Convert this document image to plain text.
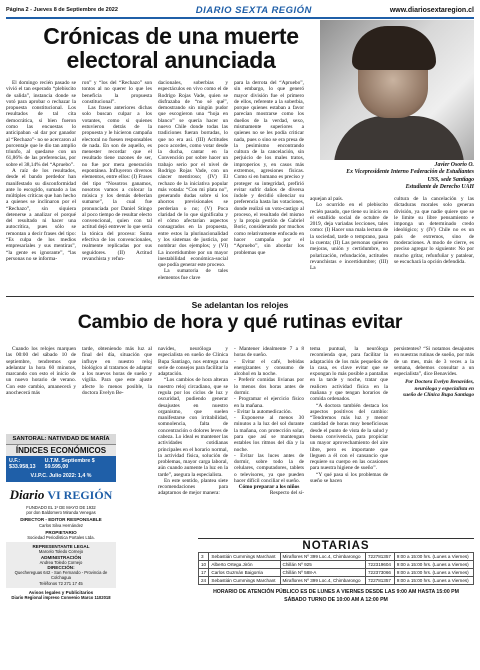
Página 2 - Jueves 8 de Septiembre de 2022	DIARIO SEXTA REGIÓN	www.diariosextaregion.cl
Crónicas de una muerte electoral anunciada
Javier Osorio O.
Ex Vicepresidente Interno Federación de Estudiantes
USS, sede Santiago
Estudiante de Derecho UAH

El domingo recién pasado se vivió el tan esperado “plebiscito de salida”, instancia donde se votó para aprobar o rechazar la propuesta constitucional. Los resultados de tal cita democrática, si bien fueron como las encuestas lo anticipaban -al dar por ganador al “Rechazo”- no se acercaron al porcentaje que le dio tan amplio triunfo, al quedarse con un 61,86% de las preferencias, por sobre el 38,14% del “Apruebo”.

A raíz de los resultados, desde el bando perdedor han manifestado su disconformidad ante lo escogido, sumado a las múltiples críticas que han hecho a quienes se inclinaron por el “Rechazo”, sin siquiera detenerse a analizar el porqué del resultado ni hacer una autocrítica, pues sólo se remontan a decir frases del tipo: “Es culpa de los medios empresariales y sus mentiras”, “la gente es ignorante”, “las personas no se informa-

ron” y “los del “Rechazo” son tontos al no querer lo que les beneficia la propuesta constitucional”.

Las frases anteriores dichas solo buscan culpar a los votantes, como si quienes estuvieron detrás de la propuesta y le hicieron campaña electoral no fuesen responsables de nada. En son de aquello, es menester recordar que el resultado tiene razones de ser, no fue por mera generación espontánea. Influyeron diversos elementos, entre ellos: (I) Frases del tipo “Nosotros ganamos, nosotros vamos a colocar la música y los demás deberían sumarse”, la cual fue pronunciada por Daniel Stingo al poco tiempo de resultar electo convencional, quien con tal actitud dejó entrever lo que sería la tónica del proceso: Suma efectiva de los convencionales, realmente replicadas por sus seguidores. (II) Actitud revanchista y refun-

dacionales, soberbias y espectáculos en vivo como el de Rodrigo Rojas Vade, quien se disfrazaba de “no sé qué”, demostrando sin ningún pudor que escogieron una “hoja en blanco” se quería hacer un nuevo Chile donde todas las tradiciones fueran borradas, lo que no era así. (III) Actitudes poco acordes, como votar desde la ducha, cantar en la Convención por sobre hacer un trabajo serio por el nivel de Rodrigo Rojas Vade, con un cáncer mentiroso; (IV) El rechazo de la iniciativa popular más votada: “Con mi plata no”, generando dudas sobre si los ahorros previsionales se perderían o no; (V) Poca claridad de lo que significaba y el cómo afectarían aspectos consagrados en la propuesta, entre estos la plurinacionalidad y los sistemas de justicia, por nombrar dos ejemplos; y (VI) La incertidumbre por un mayor inestabilidad económica-social que podía generar este proceso.

La sumatoria de tales elementos fue clave

para la derrota del “Apruebo”, sin embargo, lo que generó mayor división fue el primero de ellos, referente a la soberbia, porque quienes estaban a favor parecían mostrarse como los dueños de la verdad, sexo, mismamente superiores a quienes no se les podía criticar nada, pues o sino se era presa de la pesimismo encontrando cultura de la cancelación, sin perjuicio de los males tratos, improperios y, en casos más extremos, agresiones físicas. Como si en humano es preciso y proteger su integridad, prefirió evitar sufrir daños de diversa índole y decidió silenciar su preferencia hasta las votaciones, donde realizó un voto-castigo al proceso, el resultado del mismo y la propia gestión de Gabriel Boric, considerando por muchos como relativamente enfocado en hacer campaña por el “Apruebo”, sin abordar los problemas que

aquejan al país.

Lo ocurrido en el plebiscito recién pasado, que tiene su inicio en el estallido social de octubre de 2019, deja variadas lecciones, tales como: (I) Hacer una mala lectura de la sociedad, tarde o temprano, pasa la cuenta; (II) Las personas quieren mejoras, unión y certidumbre, no polarización, refundación, actitudes revanchistas e incertidumbre; (III) La

cultura de la cancelación y las dictaduras morales solo generan división, ya que nadie quiere que se le limite su libre pensamiento e imponga un determinado credo ideológico; y (IV) Chile no es un país de extremos, sino de moderaciones. A modo de cierre, es preciso agregar lo siguiente: No por mucho gritar, refunfuñar y patalear, se escuchará la opción defendida.

Se adelantan los relojes
Cambio de hora y qué rutinas evitar

Cuando los relojes marquen las 00:00 del sábado 10 de septiembre, tendremos que adelantar la hora 60 minutos, marcando con esto el inicio de un nuevo horario de verano. Con este cambio, amanecerá y anochecerá más

tarde, obteniendo más luz al final del día, situación que influye en nuestro reloj biológico al tratarnos de adaptar a los nuevos horas de sueño y vigilia. Para que este ajuste afecte lo menos posible, la doctora Evelyn Be-

navides, neuróloga y especialista en sueño de Clínica Bupa Santiago, nos entrega una serie de consejos para facilitar la adaptación.

“Los cambios de hora alteran nuestro reloj circadiano, que se regula por los ciclos de luz y oscuridad, pudiendo generar desajustes en nuestro organismo, que suelen manifestarse con irritabilidad, somnolencia, falta de concentración o dolores leves de cabeza. Lo ideal es mantener las actividades cotidianas principales en el horario normal, la actividad física, solución de problemas, mayor carga laboral, aún cuando aumente la luz en la tarde”, asegura la especialista.

En este sentido, plantea siete recomendaciones para adaptarnos de mejor manera:

- Mantener idealmente 7 a 8 horas de sueño.

- Evitar el café, bebidas energizantes y consumo de alcohol en la noche.

- Preferir comidas livianas por lo menos dos horas antes de dormir.

- Programar el ejercicio físico en la mañana.

- Evitar la automedicación.

- Exponerse al menos 30 minutos a la luz del sol durante la mañana, con protección solar, para que así se mantengan estables los ritmos del día y la noche.

- Evitar las luces antes de dormir, sobre todo la de celulares, computadores, tablets o televisores, ya que pueden hacer difícil conciliar el sueño.

Cómo preparar a los niños

Respecto del sí-

tema puntual, la neuróloga recomienda que, para facilitar la adaptación de los más pequeños de la casa, es clave evitar que se expongan lo más posible a pantallas en la tarde y noche, tratar que realicen actividad física en la mañana y que tengan horarios de comida ordenados.

“A doctora también destaca los aspectos positivos del cambio: “Tendremos más luz y menor cantidad de horas muy beneficiosas desde el punto de vista de la salud y buena convivencia, para propiciar un mayor aprovechamiento del aire libre, pero es importante que lleguen a él con el cansancio que requiere su cuerpo en las ocasiones para nuestra higiene de sueño”.

“Y qué pasa si los problemas de sueño se hacen

persistentes? “Si notamos desajustes en nuestras rutinas de sueño, por más de un mes, más de 3 veces a la semana, debemos consultar a un especialista”, dice Benavides.

Por Doctora Evelyn Benavides,

neuróloga y especialista en

sueño de Clínica Bupa Santiago

SANTORAL: NATIVIDAD DE MARÍA
ÍNDICES ECONÓMICOS
U.F.: $33.958,13
U.T.M. Septiembre $ 59.595,00
V.I.P.C. Julio 2022: 1,4 %
Diario VI REGIÓN
FUNDADO EL 1º DE MAYO DE 1932
por don Baldomero Miranda Venegas
DIRECTOR - EDITOR RESPONSABLE
Carlos Silva Hernández
PROPIETARIO
Sociedad Periodística Portales Ltda.
REPRESENTANTE LEGAL
Marcelo Toledo Cornejo
ADMINISTRACIÓN
Andrea Toledo Cornejo
DIRECCIÓN:
Quechereguas 642 - San Fernando - Provincia de Colchagua
Teléfonos 72 271 17 45
Avisos legales y Publicitarios
Diario Regional impreso Convenio Marco 1102018
NOTARIAS
3	Sebastián Cummings Marchant	Miraflores Nº 399 Loc.4, Chimbarongo	722781357	9:00 a 15:00 hrs. (Lunes a Viernes)
10	Alberto Ortega Jirón	Chillán Nº 925	722319604	9:00 a 15:00 hrs. (Lunes a Viernes)
17	Carlos Guzmán Baigorria	Chillán Nº 588-A	722373066	9:00 a 15:00 hrs. (Lunes a Viernes)
24	Sebastián Cummings Marchant	Miraflores Nº 399 Loc.4, Chimbarongo	722781357	9:00 a 15:00 hrs. (Lunes a Viernes)
HORARIO DE ATENCIÓN PÚBLICO ES DE LUNES A VIERNES DESDE LAS 9:00 AM HASTA 15:00 PM
SÁBADO TURNO DE 10:00 AM A 12:00 PM
